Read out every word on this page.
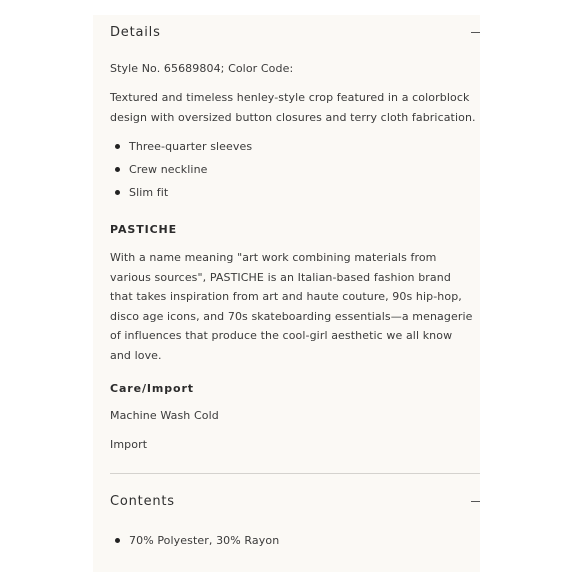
Details
Style No. 65689804; Color Code:
Textured and timeless henley-style crop featured in a colorblock design with oversized button closures and terry cloth fabrication.
Three-quarter sleeves
Crew neckline
Slim fit
PASTICHE
With a name meaning "art work combining materials from various sources", PASTICHE is an Italian-based fashion brand that takes inspiration from art and haute couture, 90s hip-hop, disco age icons, and 70s skateboarding essentials—a menagerie of influences that produce the cool-girl aesthetic we all know and love.
Care/Import
Machine Wash Cold
Import
Contents
70% Polyester, 30% Rayon
